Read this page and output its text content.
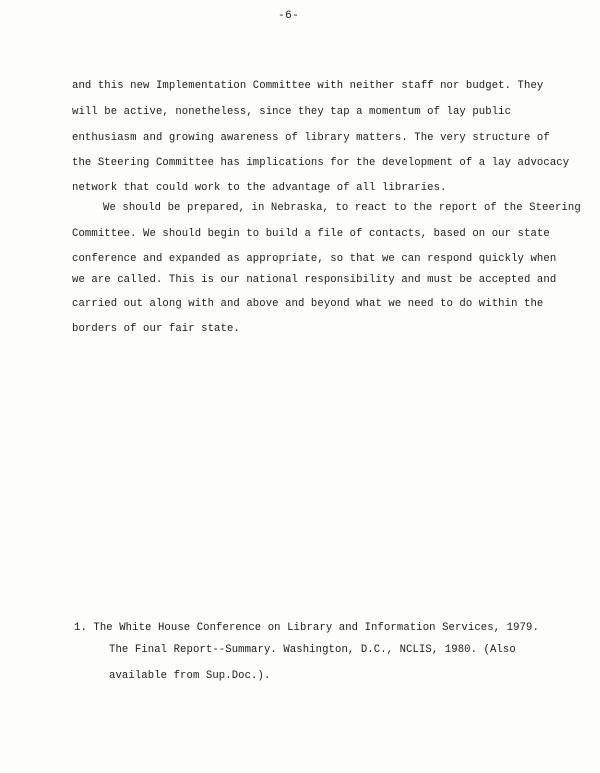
-6-
and this new Implementation Committee with neither staff nor budget. They
will be active, nonetheless, since they tap a momentum of lay public
enthusiasm and growing awareness of library matters. The very structure of
the Steering Committee has implications for the development of a lay advocacy
network that could work to the advantage of all libraries.
We should be prepared, in Nebraska, to react to the report of the Steering
Committee. We should begin to build a file of contacts, based on our state
conference and expanded as appropriate, so that we can respond quickly when
we are called. This is our national responsibility and must be accepted and
carried out along with and above and beyond what we need to do within the
borders of our fair state.
1. The White House Conference on Library and Information Services, 1979.
The Final Report--Summary. Washington, D.C., NCLIS, 1980. (Also
available from Sup.Doc.).
